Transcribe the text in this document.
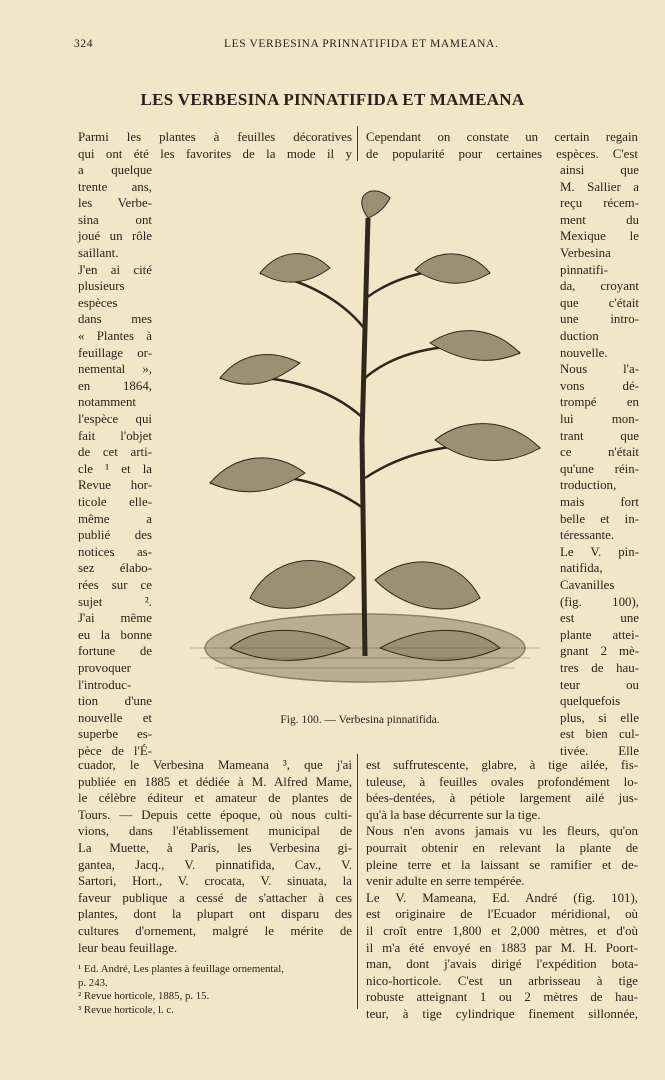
324	LES VERBESINA PRINNATIFIDA ET MAMEANA.
LES VERBESINA PINNATIFIDA ET MAMEANA
Parmi les plantes à feuilles décoratives
qui ont été les favorites de la mode il y
a quelque
trente ans,
les Verbe-
sina ont
joué un rôle
saillant.
J'en ai cité
plusieurs
espèces
dans mes
« Plantes à
feuillage or-
nemental »,
en 1864,
notamment
l'espèce qui
fait l'objet
de cet arti-
cle ¹ et la
Revue hor-
ticole elle-
même a
publié des
notices as-
sez élabo-
rées sur ce
sujet ².
J'ai même
eu la bonne
fortune de
provoquer
l'introduc-
tion d'une
nouvelle et
superbe es-
pèce de l'É-
cuador, le Verbesina Mameana ³, que j'ai
publiée en 1885 et dédiée à M. Alfred Mame,
le célèbre éditeur et amateur de plantes de
Tours. — Depuis cette époque, où nous culti-
vions, dans l'établissement municipal de
La Muette, à Paris, les Verbesina gi-
gantea, Jacq., V. pinnatifida, Cav., V.
Sartori, Hort., V. crocata, V. sinuata, la
faveur publique a cessé de s'attacher à ces
plantes, dont la plupart ont disparu des
cultures d'ornement, malgré le mérite de
leur beau feuillage.
Cependant on constate un certain regain
de popularité pour certaines espèces. C'est
ainsi que
M. Sallier a
reçu récem-
ment du
Mexique le
Verbesina
pinnatifi-
da, croyant
que c'était
une intro-
duction
nouvelle.
Nous l'a-
vons dé-
trompé en
lui mon-
trant que
ce n'était
qu'une réin-
troduction,
mais fort
belle et in-
téressante.
Le V. pin-
natifida,
Cavanilles
(fig. 100),
est une
plante attei-
gnant 2 mè-
tres de hau-
teur ou
quelquefois
plus, si elle
est bien cul-
tivée. Elle
est suffrutescente, glabre, à tige ailée, fis-
tuleuse, à feuilles ovales profondément lo-
bées-dentées, à pétiole largement ailé jus-
qu'à la base décurrente sur la tige.
Nous n'en avons jamais vu les fleurs, qu'on
pourrait obtenir en relevant la plante de
pleine terre et la laissant se ramifier et de-
venir adulte en serre tempérée.
Le V. Mameana, Ed. André (fig. 101),
est originaire de l'Ecuador méridional, où
il croît entre 1,800 et 2,000 mètres, et d'où
il m'a été envoyé en 1883 par M. H. Poort-
man, dont j'avais dirigé l'expédition bota-
nico-horticole. C'est un arbrisseau à tige
robuste atteignant 1 ou 2 mètres de hau-
teur, à tige cylindrique finement sillonnée,
¹ Ed. André, Les plantes à feuillage ornemental,
p. 243.
² Revue horticole, 1885, p. 15.
³ Revue horticole, l. c.
Fig. 100. — Verbesina pinnatifida.
